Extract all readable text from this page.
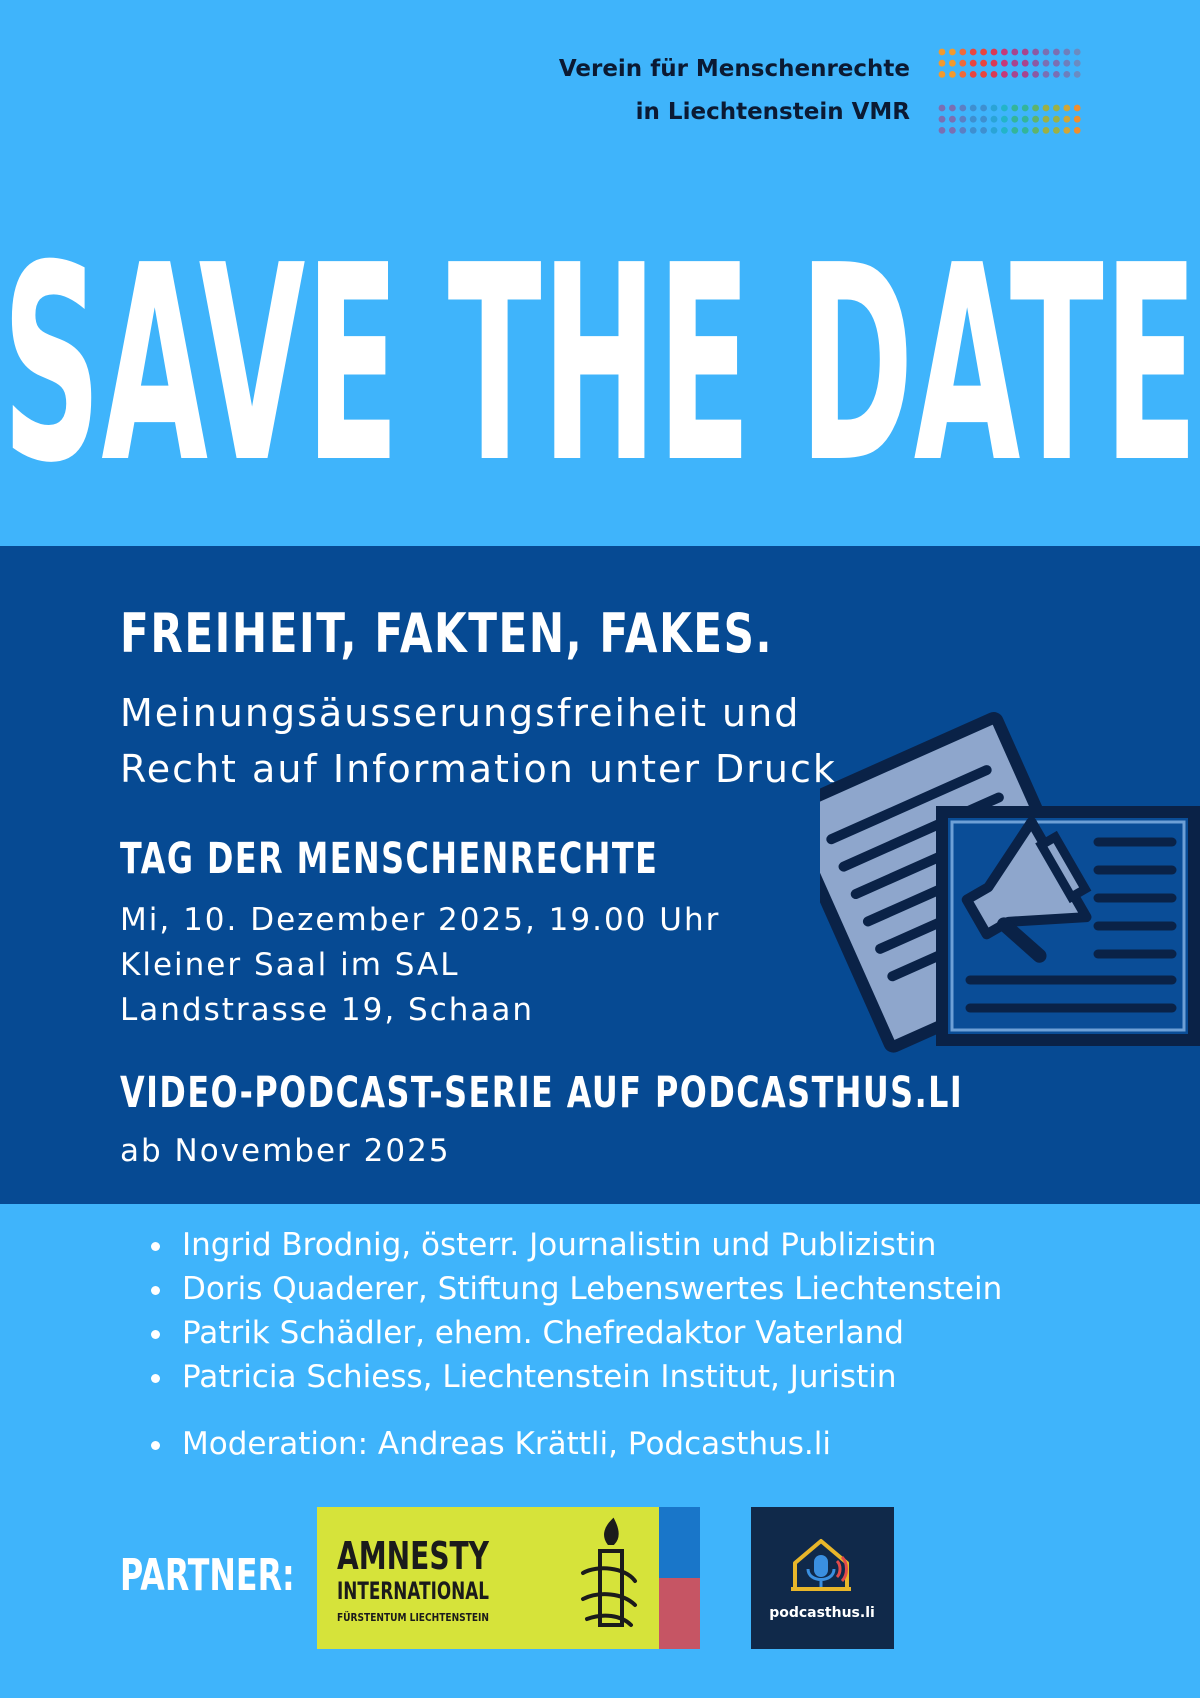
Verein für Menschenrechte
in Liechtenstein VMR
SAVE THE DATE
FREIHEIT, FAKTEN, FAKES.
Meinungsäusserungsfreiheit und
Recht auf Information unter Druck
TAG DER MENSCHENRECHTE
Mi, 10. Dezember 2025, 19.00 Uhr
Kleiner Saal im SAL
Landstrasse 19, Schaan
VIDEO-PODCAST-SERIE AUF PODCASTHUS.LI
ab November 2025
• Ingrid Brodnig, österr. Journalistin und Publizistin
• Doris Quaderer, Stiftung Lebenswertes Liechtenstein
• Patrik Schädler, ehem. Chefredaktor Vaterland
• Patricia Schiess, Liechtenstein Institut, Juristin
• Moderation: Andreas Krättli, Podcasthus.li
PARTNER: AMNESTY
INTERNATIONAL
FÜRSTENTUM LIECHTENSTEIN	podcasthus.li
